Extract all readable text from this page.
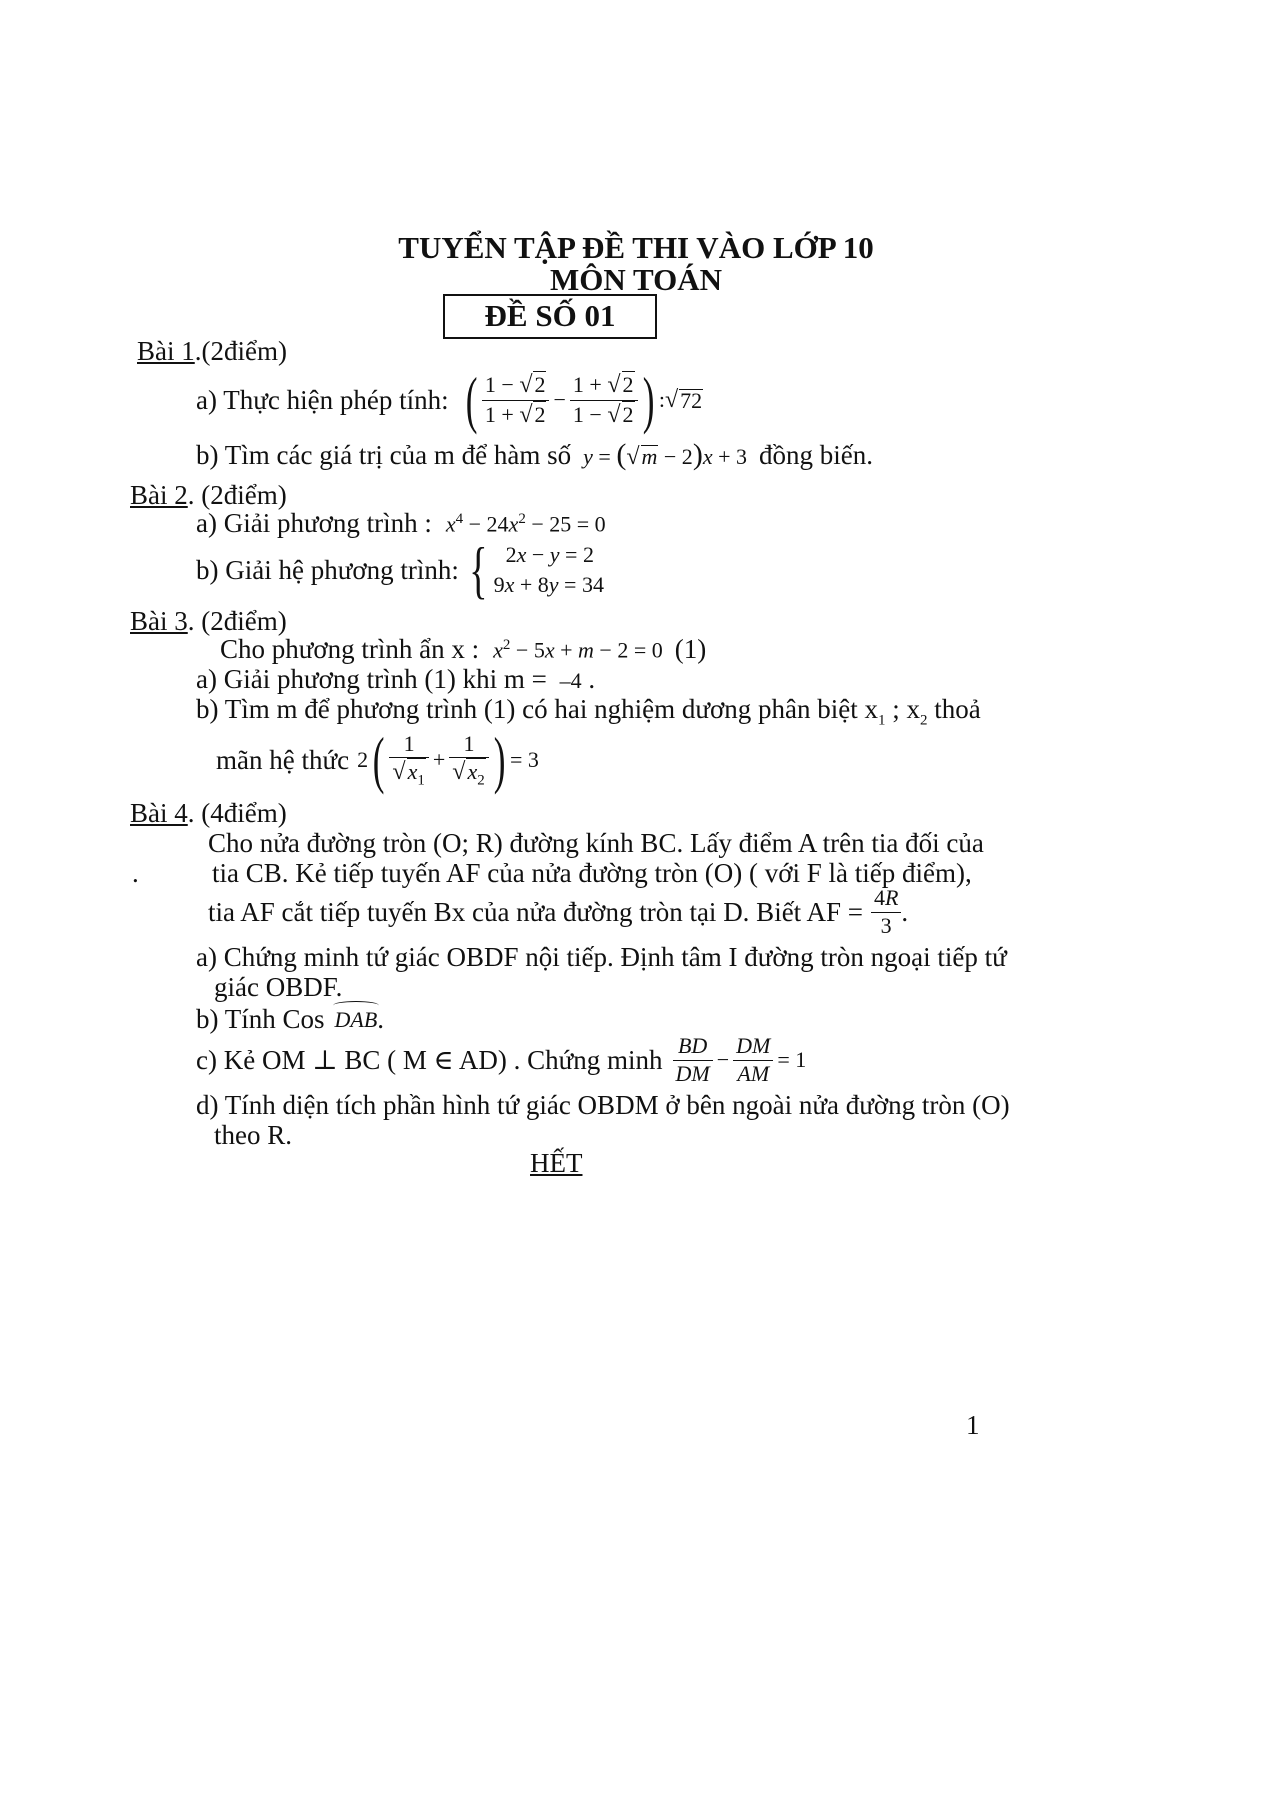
TUYỂN TẬP ĐỀ THI VÀO LỚP 10
MÔN TOÁN
ĐỀ SỐ 01
Bài 1.(2điểm)
a) Thực hiện phép tính: ( $\frac{1 - √2}{1 + √2} - \frac{1 + √2}{1 - √2}$ ) : √ 72
b) Tìm các giá trị của m để hàm số y = (√m − 2)x + 3 đồng biến.
Bài 2. (2điểm)
a) Giải phương trình : $x^4 - 24x^2 - 25 = 0$
b) Giải hệ phương trình: { 2x − y = 2
9x + 8y = 34
Bài 3. (2điểm)
Cho phương trình ẩn x : $x^2 - 5x + m - 2 = 0$ (1)
a) Giải phương trình (1) khi m = –4 .
b) Tìm m để phương trình (1) có hai nghiệm dương phân biệt $x_1$ ; $x_2$ thoả
mãn hệ thức 2 ( $\frac{1}{√x_1} + \frac{1}{√x_2}$ ) = 3
Bài 4. (4điểm)
Cho nửa đường tròn (O; R) đường kính BC. Lấy điểm A trên tia đối của
.	tia CB. Kẻ tiếp tuyến AF của nửa đường tròn (O) ( với F là tiếp điểm),
tia AF cắt tiếp tuyến Bx của nửa đường tròn tại D. Biết AF = $\frac{4R}{3}$ .
a) Chứng minh tứ giác OBDF nội tiếp. Định tâm I đường tròn ngoại tiếp tứ
giác OBDF.
b) Tính Cos DAB .
c) Kẻ OM ⊥ BC ( M ∈ AD) . Chứng minh $\frac{BD}{DM} - \frac{DM}{AM} = 1$
d) Tính diện tích phần hình tứ giác OBDM ở bên ngoài nửa đường tròn (O)
theo R.
HẾT
1
